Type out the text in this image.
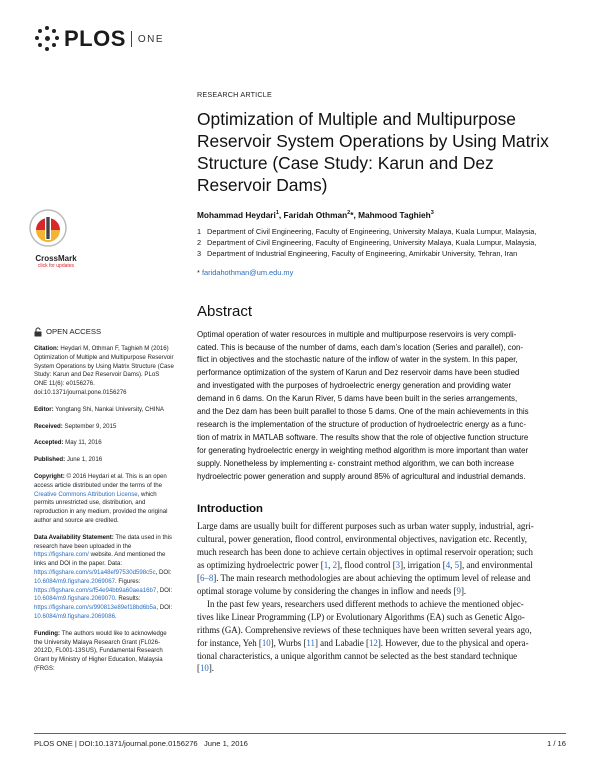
PLOS ONE
CrossMark
click for updates
OPEN ACCESS
Citation: Heydari M, Othman F, Taghieh M (2016) Optimization of Multiple and Multipurpose Reservoir System Operations by Using Matrix Structure (Case Study: Karun and Dez Reservoir Dams). PLoS ONE 11(6): e0156276. doi:10.1371/journal.pone.0156276
Editor: Yongtang Shi, Nankai University, CHINA
Received: September 9, 2015
Accepted: May 11, 2016
Published: June 1, 2016
Copyright: © 2016 Heydari et al. This is an open access article distributed under the terms of the Creative Commons Attribution License, which permits unrestricted use, distribution, and reproduction in any medium, provided the original author and source are credited.
Data Availability Statement: The data used in this research have been uploaded in the https://figshare.com/ website. And mentioned the links and DOI in the paper. Data: https://figshare.com/s/91a48ef97530d598c5c, DOI: 10.6084/m9.figshare.2069067. Figures: https://figshare.com/s/f54e94bb9a60aea16b7, DOI: 10.6084/m9.figshare.2069070. Results: https://figshare.com/s/990813e89ef18bd6b5a, DOI: 10.6084/m9.figshare.2069086.
Funding: The authors would like to acknowledge the University Malaya Research Grant (FL026-2012D, FL001-13SUS), Fundamental Research Grant by Ministry of Higher Education, Malaysia (FRGS:
RESEARCH ARTICLE
Optimization of Multiple and Multipurpose Reservoir System Operations by Using Matrix Structure (Case Study: Karun and Dez Reservoir Dams)
Mohammad Heydari$^1$, Faridah Othman$^2$*, Mahmood Taghieh$^3$
1 Department of Civil Engineering, Faculty of Engineering, University Malaya, Kuala Lumpur, Malaysia,
2 Department of Civil Engineering, Faculty of Engineering, University Malaya, Kuala Lumpur, Malaysia,
3 Department of Industrial Engineering, Faculty of Engineering, Amirkabir University, Tehran, Iran
* faridahothman@um.edu.my
Abstract
Optimal operation of water resources in multiple and multipurpose reservoirs is very compli-
cated. This is because of the number of dams, each dam’s location (Series and parallel), con-
flict in objectives and the stochastic nature of the inflow of water in the system. In this paper,
performance optimization of the system of Karun and Dez reservoir dams have been studied
and investigated with the purposes of hydroelectric energy generation and providing water
demand in 6 dams. On the Karun River, 5 dams have been built in the series arrangements,
and the Dez dam has been built parallel to those 5 dams. One of the main achievements in this
research is the implementation of the structure of production of hydroelectric energy as a func-
tion of matrix in MATLAB software. The results show that the role of objective function structure
for generating hydroelectric energy in weighting method algorithm is more important than water
supply. Nonetheless by implementing ε- constraint method algorithm, we can both increase
hydroelectric power generation and supply around 85% of agricultural and industrial demands.
Introduction

Large dams are usually built for different purposes such as urban water supply, industrial, agri-
cultural, power generation, flood control, environmental objectives, navigation etc. Recently,
much research has been done to achieve certain objectives in optimal reservoir operation; such
as optimizing hydroelectric power [1, 2], flood control [3], irrigation [4, 5], and environmental
[6–8]. The main research methodologies are about achieving the optimum level of release and
optimal storage volume by considering the changes in inflow and needs [9].

In the past few years, researchers used different methods to achieve the mentioned objec-
tives like Linear Programming (LP) or Evolutionary Algorithms (EA) such as Genetic Algo-
rithms (GA). Comprehensive reviews of these techniques have been written several years ago,
for instance, Yeh [10], Wurbs [11] and Labadie [12]. However, due to the physical and opera-
tional characteristics, a unique algorithm cannot be selected as the best standard technique
[10].

PLOS ONE | DOI:10.1371/journal.pone.0156276   June 1, 2016	1 / 16
